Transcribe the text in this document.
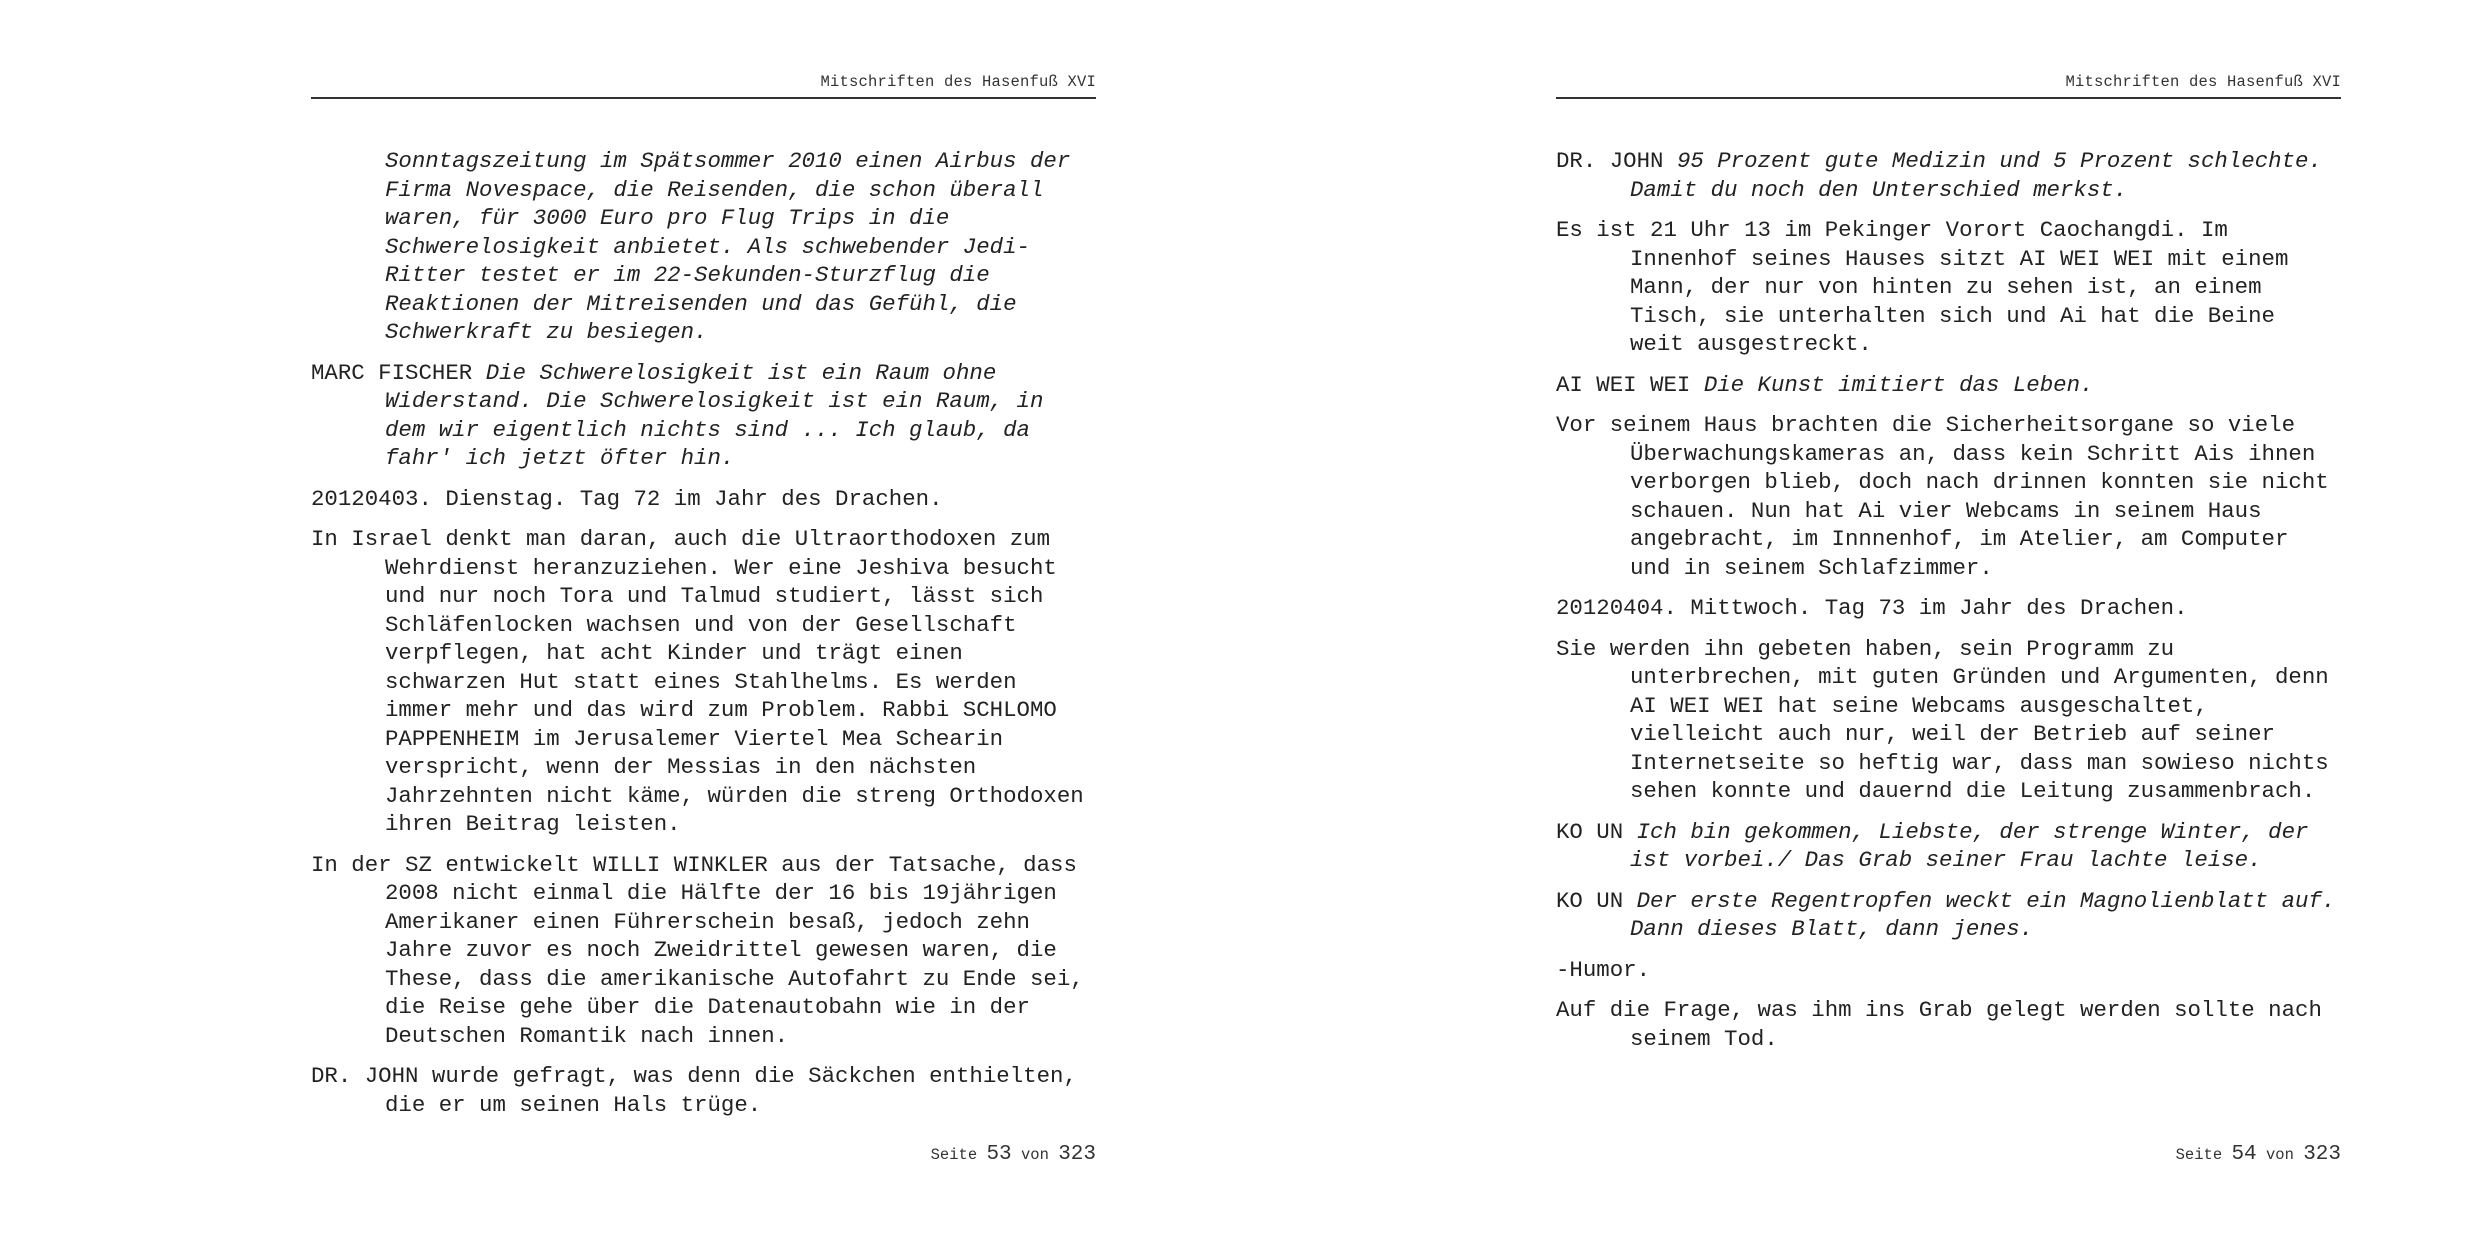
Mitschriften des Hasenfuß XVI

Sonntagszeitung im Spätsommer 2010 einen Airbus der Firma Novespace, die Reisenden, die schon überall waren, für 3000 Euro pro Flug Trips in die Schwerelosigkeit anbietet. Als schwebender Jedi-Ritter testet er im 22-Sekunden-Sturzflug die Reaktionen der Mitreisenden und das Gefühl, die Schwerkraft zu besiegen.

MARC FISCHER Die Schwerelosigkeit ist ein Raum ohne Widerstand. Die Schwerelosigkeit ist ein Raum, in dem wir eigentlich nichts sind ... Ich glaub, da fahr' ich jetzt öfter hin.

20120403. Dienstag. Tag 72 im Jahr des Drachen.

In Israel denkt man daran, auch die Ultraorthodoxen zum Wehrdienst heranzuziehen. Wer eine Jeshiva besucht und nur noch Tora und Talmud studiert, lässt sich Schläfenlocken wachsen und von der Gesellschaft verpflegen, hat acht Kinder und trägt einen schwarzen Hut statt eines Stahlhelms. Es werden immer mehr und das wird zum Problem. Rabbi SCHLOMO PAPPENHEIM im Jerusalemer Viertel Mea Schearin verspricht, wenn der Messias in den nächsten Jahrzehnten nicht käme, würden die streng Orthodoxen ihren Beitrag leisten.

In der SZ entwickelt WILLI WINKLER aus der Tatsache, dass 2008 nicht einmal die Hälfte der 16 bis 19jährigen Amerikaner einen Führerschein besaß, jedoch zehn Jahre zuvor es noch Zweidrittel gewesen waren, die These, dass die amerikanische Autofahrt zu Ende sei, die Reise gehe über die Datenautobahn wie in der Deutschen Romantik nach innen.

DR. JOHN wurde gefragt, was denn die Säckchen enthielten, die er um seinen Hals trüge.

Seite 53 von 323
Mitschriften des Hasenfuß XVI

DR. JOHN 95 Prozent gute Medizin und 5 Prozent schlechte. Damit du noch den Unterschied merkst.

Es ist 21 Uhr 13 im Pekinger Vorort Caochangdi. Im Innenhof seines Hauses sitzt AI WEI WEI mit einem Mann, der nur von hinten zu sehen ist, an einem Tisch, sie unterhalten sich und Ai hat die Beine weit ausgestreckt.

AI WEI WEI Die Kunst imitiert das Leben.

Vor seinem Haus brachten die Sicherheitsorgane so viele Überwachungskameras an, dass kein Schritt Ais ihnen verborgen blieb, doch nach drinnen konnten sie nicht schauen. Nun hat Ai vier Webcams in seinem Haus angebracht, im Innnenhof, im Atelier, am Computer und in seinem Schlafzimmer.

20120404. Mittwoch. Tag 73 im Jahr des Drachen.

Sie werden ihn gebeten haben, sein Programm zu unterbrechen, mit guten Gründen und Argumenten, denn AI WEI WEI hat seine Webcams ausgeschaltet, vielleicht auch nur, weil der Betrieb auf seiner Internetseite so heftig war, dass man sowieso nichts sehen konnte und dauernd die Leitung zusammenbrach.

KO UN Ich bin gekommen, Liebste, der strenge Winter, der ist vorbei./ Das Grab seiner Frau lachte leise.

KO UN Der erste Regentropfen weckt ein Magnolienblatt auf. Dann dieses Blatt, dann jenes.

-Humor.

Auf die Frage, was ihm ins Grab gelegt werden sollte nach seinem Tod.

Seite 54 von 323
